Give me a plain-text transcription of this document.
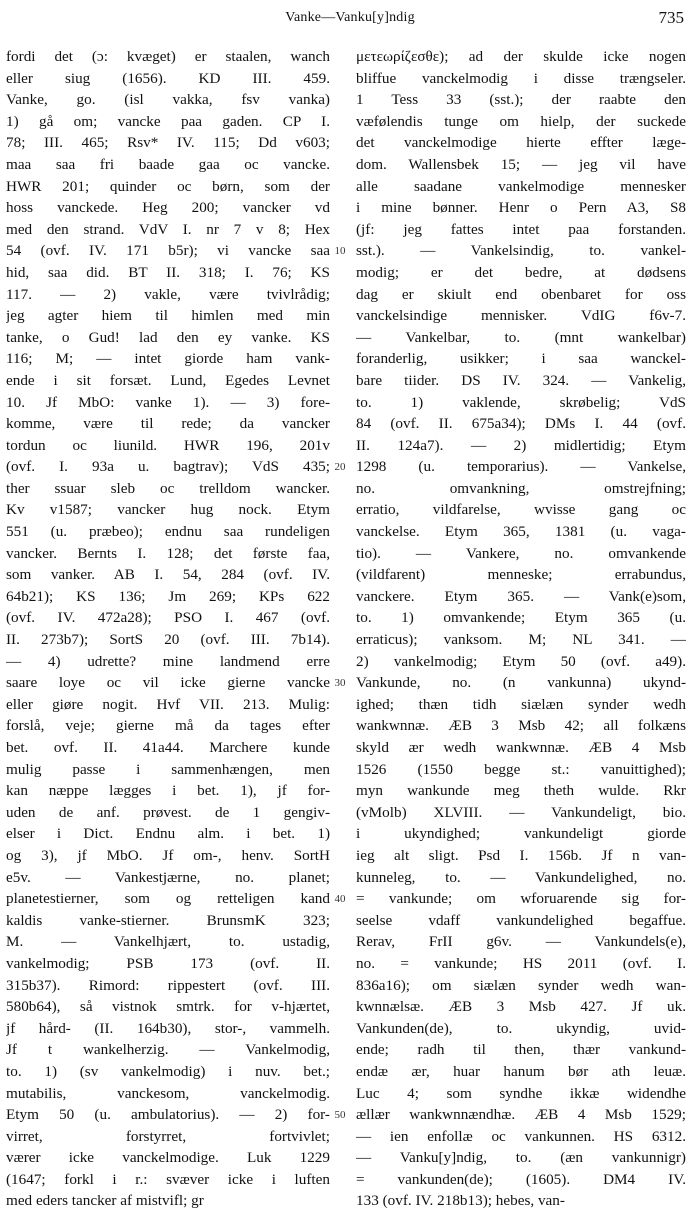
Vanke—Vanku[y]ndig	735
fordi det (ɔ: kvæget) er staalen, wanch
eller siug (1656). KD III. 459.
Vanke, go. (isl vakka, fsv vanka)
1) gå om; vancke paa gaden. CP I.
78; III. 465; Rsv* IV. 115; Dd v603;
maa saa fri baade gaa oc vancke.
HWR 201; quinder oc børn, som der
hoss vanckede. Heg 200; vancker vd
med den strand. VdV I. nr 7 v 8; Hex
54 (ovf. IV. 171 b5r); vi vancke saa
hid, saa did. BT II. 318; I. 76; KS
117. — 2) vakle, være tvivlrådig;
jeg agter hiem til himlen med min
tanke, o Gud! lad den ey vanke. KS
116; M; — intet giorde ham vank-
ende i sit forsæt. Lund, Egedes Levnet
10. Jf MbO: vanke 1). — 3) fore-
komme, være til rede; da vancker
tordun oc liunild. HWR 196, 201v
(ovf. I. 93a u. bagtrav); VdS 435;
ther ssuar sleb oc trelldom wancker.
Kv v1587; vancker hug nock. Etym
551 (u. præbeo); endnu saa rundeligen
vancker. Bernts I. 128; det første faa,
som vanker. AB I. 54, 284 (ovf. IV.
64b21); KS 136; Jm 269; KPs 622
(ovf. IV. 472a28); PSO I. 467 (ovf.
II. 273b7); SortS 20 (ovf. III. 7b14).
— 4) udrette? mine landmend erre
saare loye oc vil icke gierne vancke
eller giøre nogit. Hvf VII. 213. Mulig:
forslå, veje; gierne må da tages efter
bet. ovf. II. 41a44. Marchere kunde
mulig passe i sammenhængen, men
kan næppe lægges i bet. 1), jf for-
uden de anf. prøvest. de 1 gengiv-
elser i Dict. Endnu alm. i bet. 1)
og 3), jf MbO. Jf om-, henv. SortH
e5v. — Vankestjærne, no. planet;
planetestierner, som og retteligen kand
kaldis vanke-stierner. BrunsmK 323;
M. — Vankelhjært, to. ustadig,
vankelmodig; PSB 173 (ovf. II.
315b37). Rimord: rippestert (ovf. III.
580b64), så vistnok smtrk. for v-hjærtet,
jf hård- (II. 164b30), stor-, vammelh.
Jf t wankelherzig. — Vankelmodig,
to. 1) (sv vankelmodig) i nuv. bet.;
mutabilis, vanckesom, vanckelmodig.
Etym 50 (u. ambulatorius). — 2) for-
virret, forstyrret, fortvivlet;
værer icke vanckelmodige. Luk 1229
(1647; forkl i r.: svæver icke i luften
med eders tancker af mistvifl; gr
10
20
30
40
50
μετεωρίζεσθε); ad der skulde icke nogen
bliffue vanckelmodig i disse trængseler.
1 Tess 33 (sst.); der raabte den
væfølendis tunge om hielp, der suckede
det vanckelmodige hierte effter læge-
dom. Wallensbek 15; — jeg vil have
alle saadane vankelmodige mennesker
i mine bønner. Henr o Pern A3, S8
(jf: jeg fattes intet paa forstanden.
sst.). — Vankelsindig, to. vankel-
modig; er det bedre, at dødsens
dag er skiult end obenbaret for oss
vanckelsindige mennisker. VdIG f6v-7.
— Vankelbar, to. (mnt wankelbar)
foranderlig, usikker; i saa wanckel-
bare tiider. DS IV. 324. — Vankelig,
to. 1) vaklende, skrøbelig; VdS
84 (ovf. II. 675a34); DMs I. 44 (ovf.
II. 124a7). — 2) midlertidig; Etym
1298 (u. temporarius). — Vankelse,
no. omvankning, omstrejfning;
erratio, vildfarelse, wvisse gang oc
vanckelse. Etym 365, 1381 (u. vaga-
tio). — Vankere, no. omvankende
(vildfarent) menneske; errabundus,
vanckere. Etym 365. — Vank(e)som,
to. 1) omvankende; Etym 365 (u.
erraticus); vanksom. M; NL 341. —
2) vankelmodig; Etym 50 (ovf. a49).
Vankunde, no. (n vankunna) ukynd-
ighed; thæn tidh siælæn synder wedh
wankwnnæ. ÆB 3 Msb 42; all folkæns
skyld ær wedh wankwnnæ. ÆB 4 Msb
1526 (1550 begge st.: vanuittighed);
myn wankunde meg theth wulde. Rkr
(vMolb) XLVIII. — Vankundeligt, bio.
i ukyndighed; vankundeligt giorde
ieg alt sligt. Psd I. 156b. Jf n van-
kunneleg, to. — Vankundelighed, no.
= vankunde; om wforuarende sig for-
seelse vdaff vankundelighed begaffue.
Rerav, FrII g6v. — Vankundels(e),
no. = vankunde; HS 2011 (ovf. I.
836a16); om siælæn synder wedh wan-
kwnnælsæ. ÆB 3 Msb 427. Jf uk.
Vankunden(de), to. ukyndig, uvid-
ende; radh til then, thær vankund-
endæ ær, huar hanum bør ath leuæ.
Luc 4; som syndhe ikkæ widendhe
ællær wankwnnændhæ. ÆB 4 Msb 1529;
— ien enfollæ oc vankunnen. HS 6312.
— Vanku[y]ndig, to. (æn vankunnigr)
= vankunden(de); (1605). DM4 IV.
133 (ovf. IV. 218b13); hebes, van-
